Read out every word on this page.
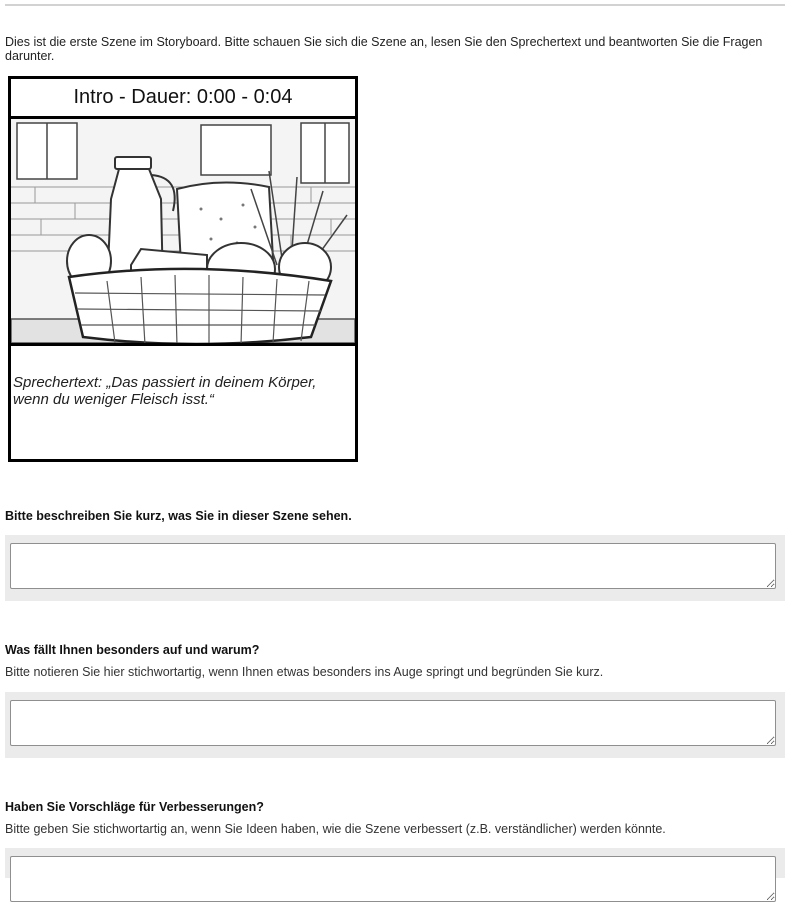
Dies ist die erste Szene im Storyboard. Bitte schauen Sie sich die Szene an, lesen Sie den Sprechertext und beantworten Sie die Fragen darunter.
Intro - Dauer: 0:00 - 0:04
Sprechertext: „Das passiert in deinem Körper, wenn du weniger Fleisch isst.“
Bitte beschreiben Sie kurz, was Sie in dieser Szene sehen.
Was fällt Ihnen besonders auf und warum?
Bitte notieren Sie hier stichwortartig, wenn Ihnen etwas besonders ins Auge springt und begründen Sie kurz.
Haben Sie Vorschläge für Verbesserungen?
Bitte geben Sie stichwortartig an, wenn Sie Ideen haben, wie die Szene verbessert (z.B. verständlicher) werden könnte.
